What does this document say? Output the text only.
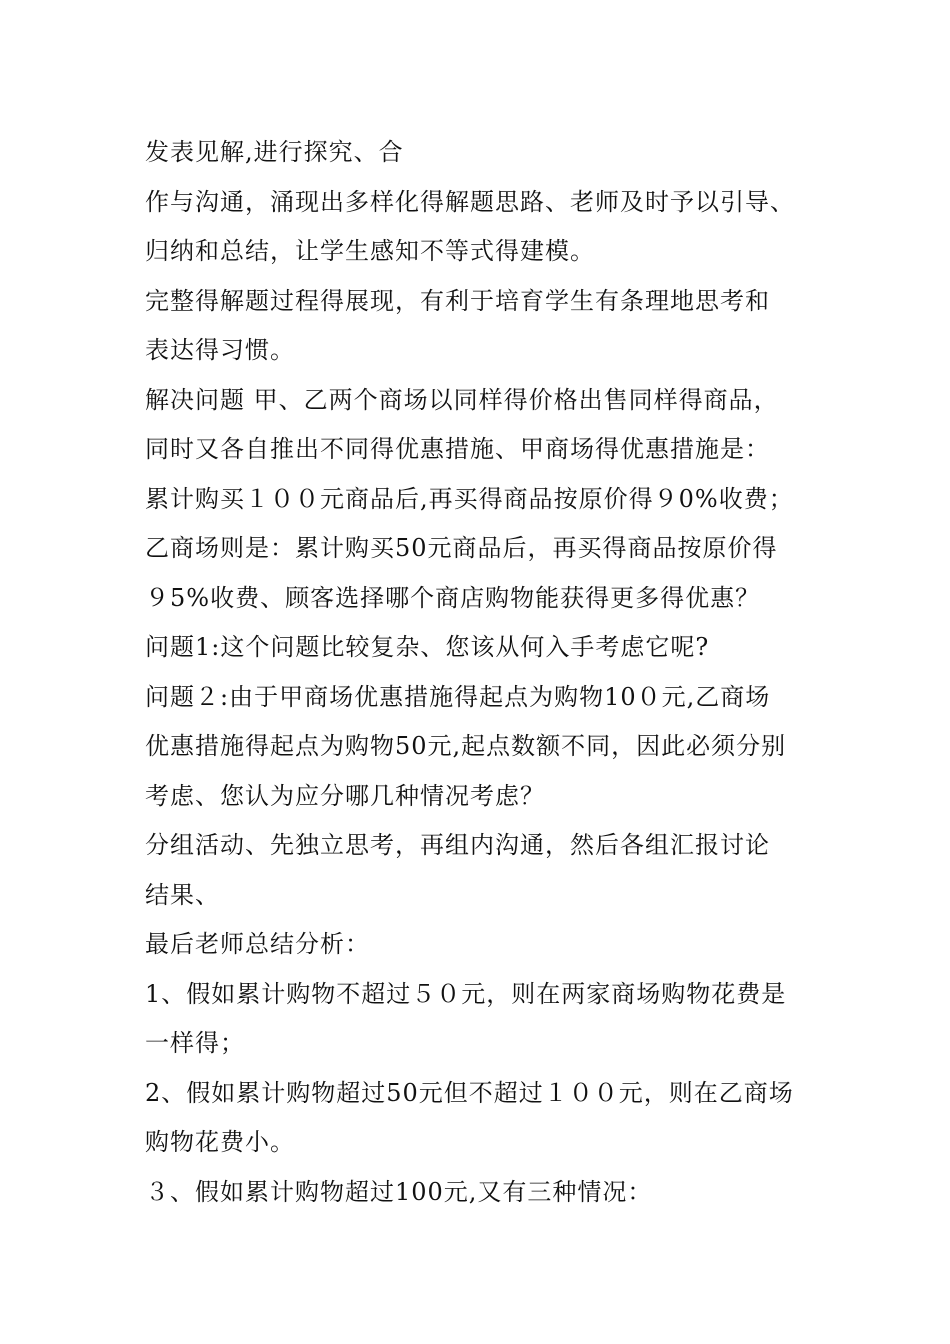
发表见解,进行探究、合
作与沟通，涌现出多样化得解题思路、老师及时予以引导、
归纳和总结，让学生感知不等式得建模。
完整得解题过程得展现，有利于培育学生有条理地思考和
表达得习惯。
解决问题 甲、乙两个商场以同样得价格出售同样得商品，
同时又各自推出不同得优惠措施、甲商场得优惠措施是：
累计购买１００元商品后,再买得商品按原价得９0%收费；
乙商场则是：累计购买50元商品后，再买得商品按原价得
９5%收费、顾客选择哪个商店购物能获得更多得优惠？
问题1:这个问题比较复杂、您该从何入手考虑它呢?
问题２:由于甲商场优惠措施得起点为购物10０元,乙商场
优惠措施得起点为购物50元,起点数额不同，因此必须分别
考虑、您认为应分哪几种情况考虑？
分组活动、先独立思考，再组内沟通，然后各组汇报讨论
结果、
最后老师总结分析：
1、假如累计购物不超过５０元，则在两家商场购物花费是
一样得；
2、假如累计购物超过50元但不超过１００元，则在乙商场
购物花费小。
３、假如累计购物超过100元,又有三种情况：
